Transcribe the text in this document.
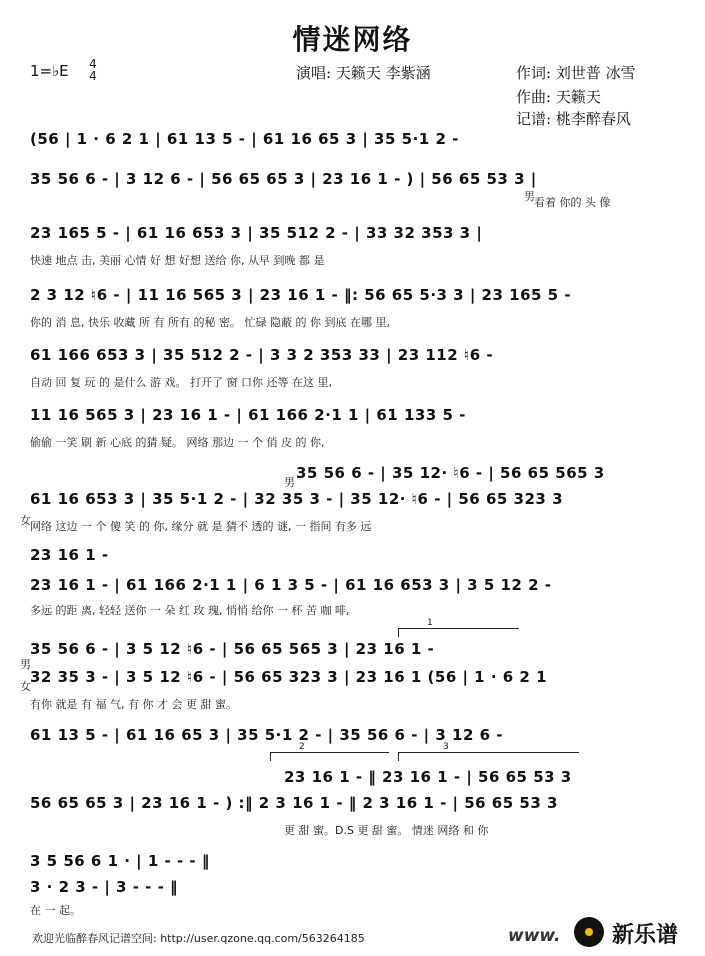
情迷网络
1=♭E 4
4	演唱: 天籁天 李紫涵	作词: 刘世普 冰雪
作曲: 天籁天
记谱: 桃李醉春风
(56 | 1 · 6 2 1 | 61 13 5 - | 61 16 65 3 | 35 5·1 2 -
35 56 6 - | 3 12 6 - | 56 65 65 3 | 23 16 1 - ) | 56 65 53 3 |
男 看着 你的 头 像
23 165 5 - | 61 16 653 3 | 35 512 2 - | 33 32 353 3 |
快速 地点 击, 美丽 心情 好 想 好想 送给 你, 从早 到晚 都 是
2 3 12 ♮6 - | 11 16 565 3 | 23 16 1 - ‖: 56 65 5·3 3 | 23 165 5 -
你的 消 息, 快乐 收藏 所 有 所有 的秘 密。 忙碌 隐蔽 的 你 到底 在哪 里,
61 166 653 3 | 35 512 2 - | 3 3 2 353 33 | 23 112 ♮6 -
自动 回 复 玩 的 是什么 游 戏。 打开了 窗 口你 还等 在这 里,
11 16 565 3 | 23 16 1 - | 61 166 2·1 1 | 61 133 5 -
偷偷 一笑 刷 新 心底 的猜 疑。 网络 那边 一 个 俏 皮 的 你,
男
35 56 6 - | 35 12· ♮6 - | 56 65 565 3
61 16 653 3 | 35 5·1 2 - | 32 35 3 - | 35 12· ♮6 - | 56 65 323 3
女 网络 这边 一 个 傻 笑 的 你, 缘分 就 是 猜不 透的 谜, 一 指间 有多 远
23 16 1 -
23 16 1 - | 61 166 2·1 1 | 6 1 3 5 - | 61 16 653 3 | 3 5 12 2 -
多远 的距 离, 轻轻 送你 一 朵 红 玫 瑰, 悄悄 给你 一 杯 苦 咖 啡,
1
35 56 6 - | 3 5 12 ♮6 - | 56 65 565 3 | 23 16 1 -
男
女
32 35 3 - | 3 5 12 ♮6 - | 56 65 323 3 | 23 16 1 (56 | 1 · 6 2 1
有你 就是 有 福 气, 有 你 才 会 更 甜 蜜。
61 13 5 - | 61 16 65 3 | 35 5·1 2 - | 35 56 6 - | 3 12 6 -
2	3
23 16 1 - ‖ 23 16 1 - | 56 65 53 3
56 65 65 3 | 23 16 1 - ) :‖ 2 3 16 1 - ‖ 2 3 16 1 - | 56 65 53 3
更 甜 蜜。D.S 更 甜 蜜。 情迷 网络 和 你
3 5 56 6 1 · | 1 - - - ‖
3 · 2 3 - | 3 - - - ‖
在 一 起。
欢迎光临醉春风记谱空间: http://user.qzone.qq.com/563264185	www. 新乐谱
